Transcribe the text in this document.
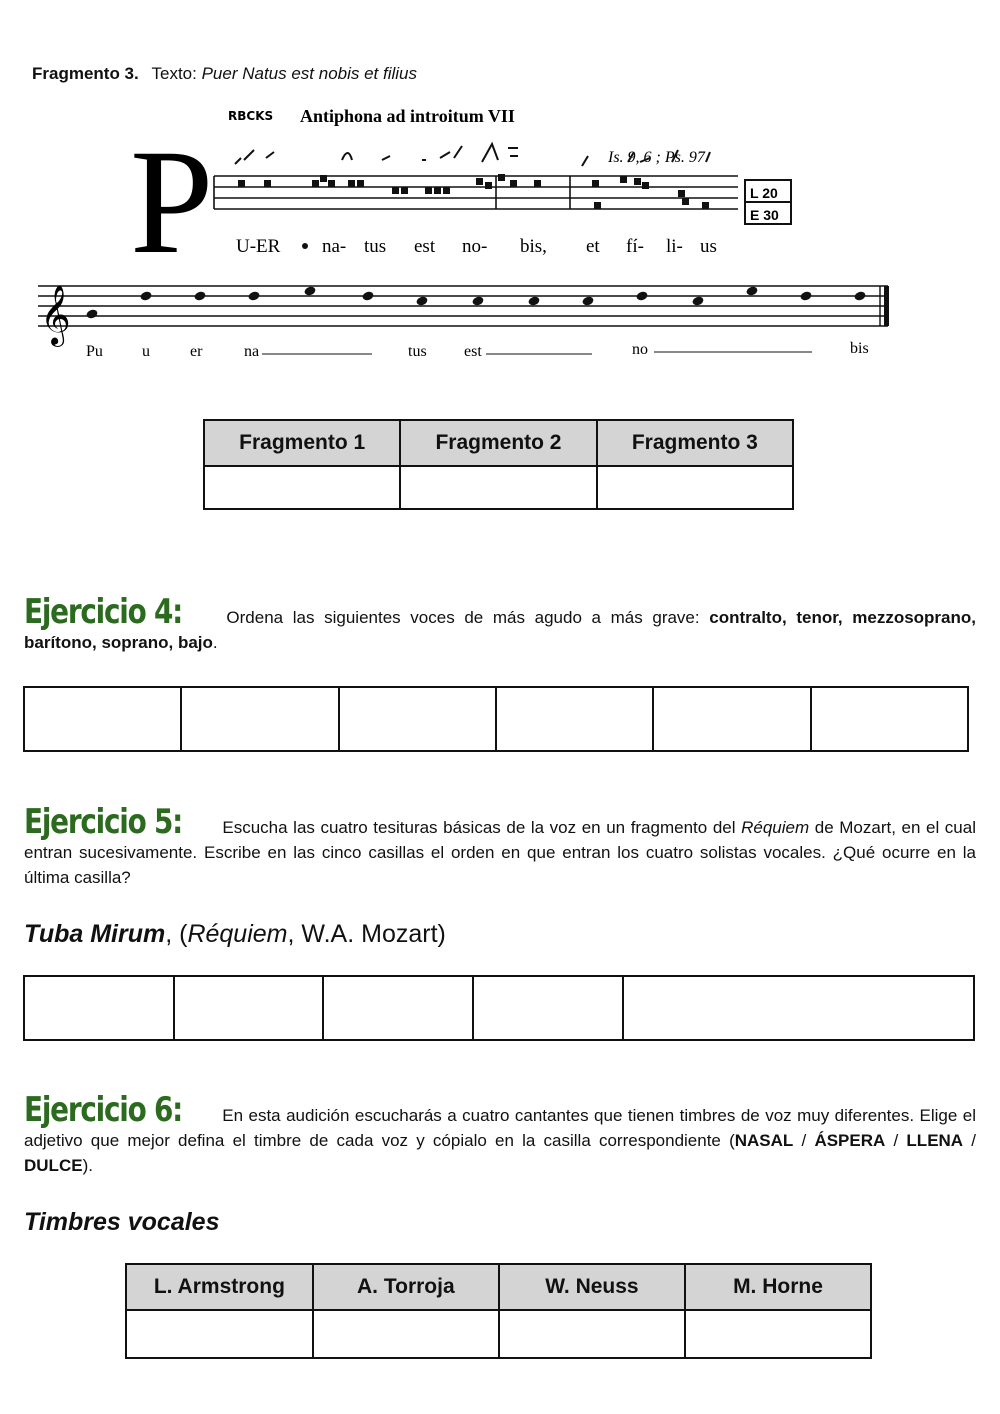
Fragmento 3. Texto: Puer Natus est nobis et filius
RBCKS Antiphona ad introitum VII
Is. 9, 6 ; Ps. 97
P	L 20
E 30
U-ER na- tus est no- bis, et fí- li- us
𝄞
Pu u	er	na	tus est	no	bis
Fragmento 1	Fragmento 2	Fragmento 3

Ejercicio 4:	Ordena las siguientes voces de más agudo a más grave: contralto, tenor, mezzosoprano, barítono, soprano, bajo.

Ejercicio 5: Escucha las cuatro tesituras básicas de la voz en un fragmento del Réquiem de Mozart, en el cual entran sucesivamente. Escribe en las cinco casillas el orden en que entran los cuatro solistas vocales. ¿Qué ocurre en la última casilla?
Tuba Mirum, (Réquiem, W.A. Mozart)

Ejercicio 6: En esta audición escucharás a cuatro cantantes que tienen timbres de voz muy diferentes. Elige el adjetivo que mejor defina el timbre de cada voz y cópialo en la casilla correspondiente (NASAL / ÁSPERA / LLENA / DULCE).
Timbres vocales
L. Armstrong	A. Torroja	W. Neuss	M. Horne
